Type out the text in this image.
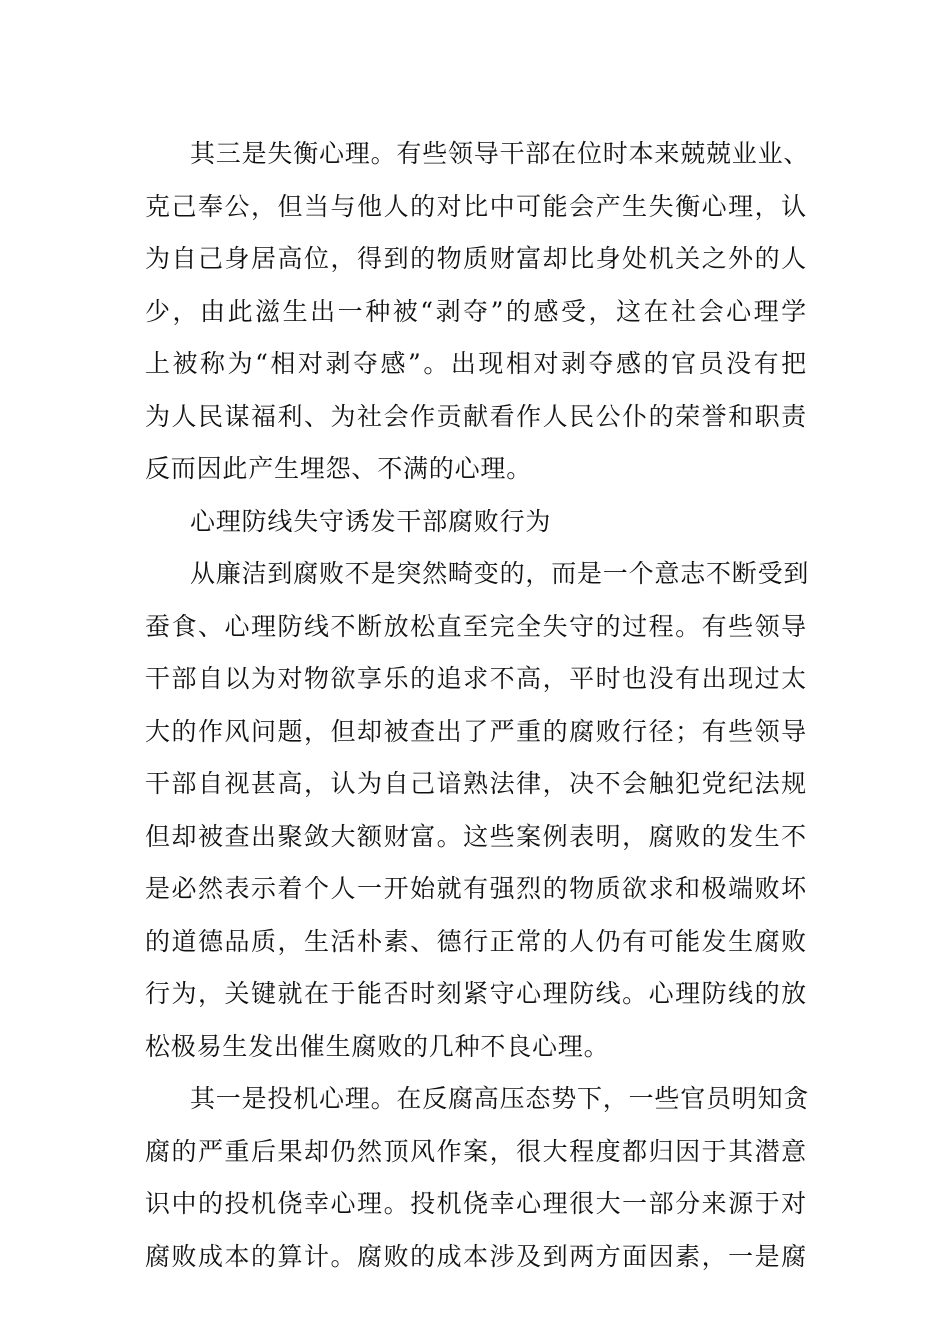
其三是失衡心理。有些领导干部在位时本来兢兢业业、
克己奉公，但当与他人的对比中可能会产生失衡心理，认
为自己身居高位，得到的物质财富却比身处机关之外的人
少，由此滋生出一种被“剥夺”的感受，这在社会心理学
上被称为“相对剥夺感”。出现相对剥夺感的官员没有把
为人民谋福利、为社会作贡献看作人民公仆的荣誉和职责
反而因此产生埋怨、不满的心理。

心理防线失守诱发干部腐败行为

从廉洁到腐败不是突然畸变的，而是一个意志不断受到
蚕食、心理防线不断放松直至完全失守的过程。有些领导
干部自以为对物欲享乐的追求不高，平时也没有出现过太
大的作风问题，但却被查出了严重的腐败行径；有些领导
干部自视甚高，认为自己谙熟法律，决不会触犯党纪法规
但却被查出聚敛大额财富。这些案例表明，腐败的发生不
是必然表示着个人一开始就有强烈的物质欲求和极端败坏
的道德品质，生活朴素、德行正常的人仍有可能发生腐败
行为，关键就在于能否时刻紧守心理防线。心理防线的放
松极易生发出催生腐败的几种不良心理。

其一是投机心理。在反腐高压态势下，一些官员明知贪
腐的严重后果却仍然顶风作案，很大程度都归因于其潜意
识中的投机侥幸心理。投机侥幸心理很大一部分来源于对
腐败成本的算计。腐败的成本涉及到两方面因素，一是腐
